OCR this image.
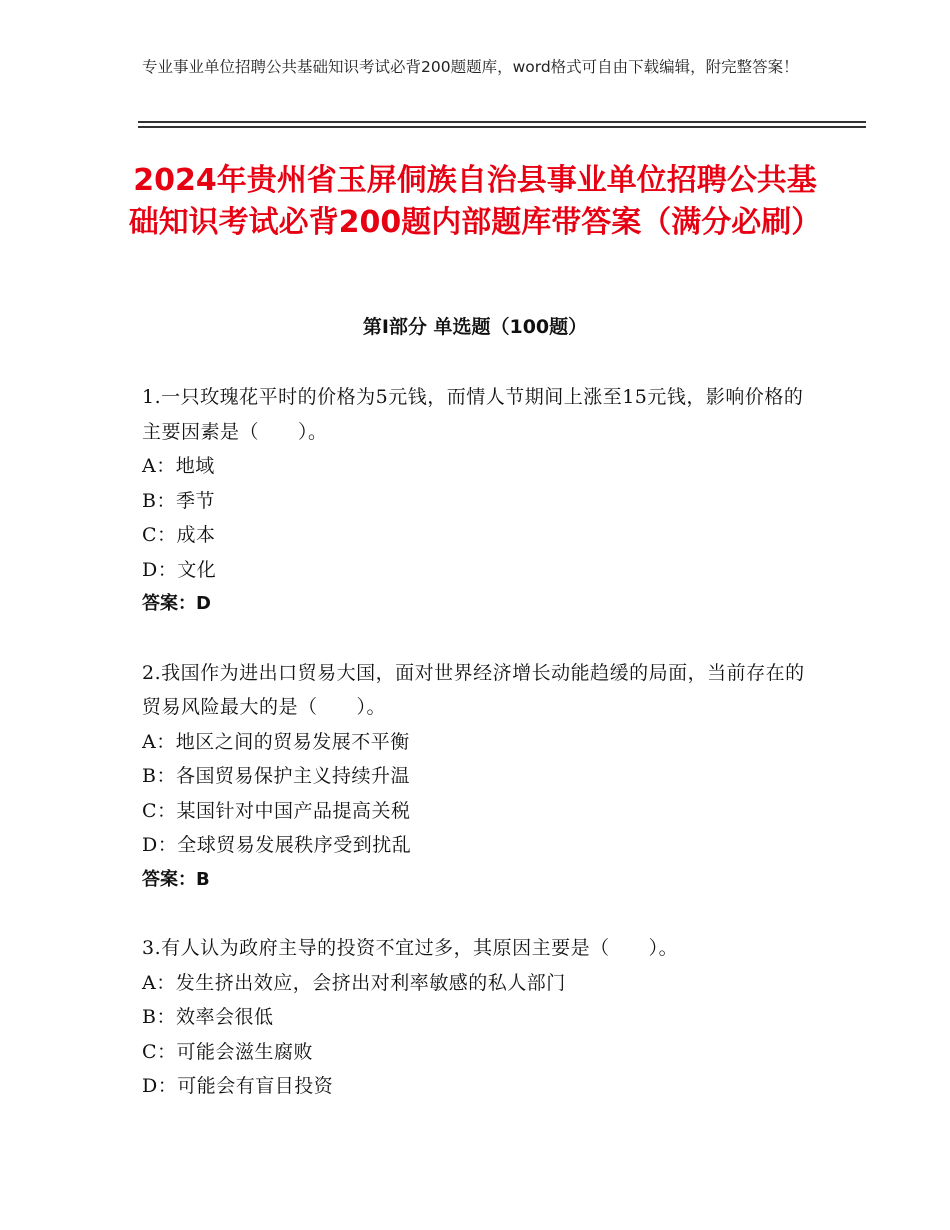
专业事业单位招聘公共基础知识考试必背200题题库，word格式可自由下载编辑，附完整答案！
2024年贵州省玉屏侗族自治县事业单位招聘公共基础知识考试必背200题内部题库带答案（满分必刷）
第Ⅰ部分 单选题（100题）
1.一只玫瑰花平时的价格为5元钱，而情人节期间上涨至15元钱，影响价格的主要因素是（　　）。
A：地域
B：季节
C：成本
D：文化
答案：D
2.我国作为进出口贸易大国，面对世界经济增长动能趋缓的局面，当前存在的贸易风险最大的是（　　）。
A：地区之间的贸易发展不平衡
B：各国贸易保护主义持续升温
C：某国针对中国产品提高关税
D：全球贸易发展秩序受到扰乱
答案：B
3.有人认为政府主导的投资不宜过多，其原因主要是（　　）。
A：发生挤出效应，会挤出对利率敏感的私人部门
B：效率会很低
C：可能会滋生腐败
D：可能会有盲目投资
